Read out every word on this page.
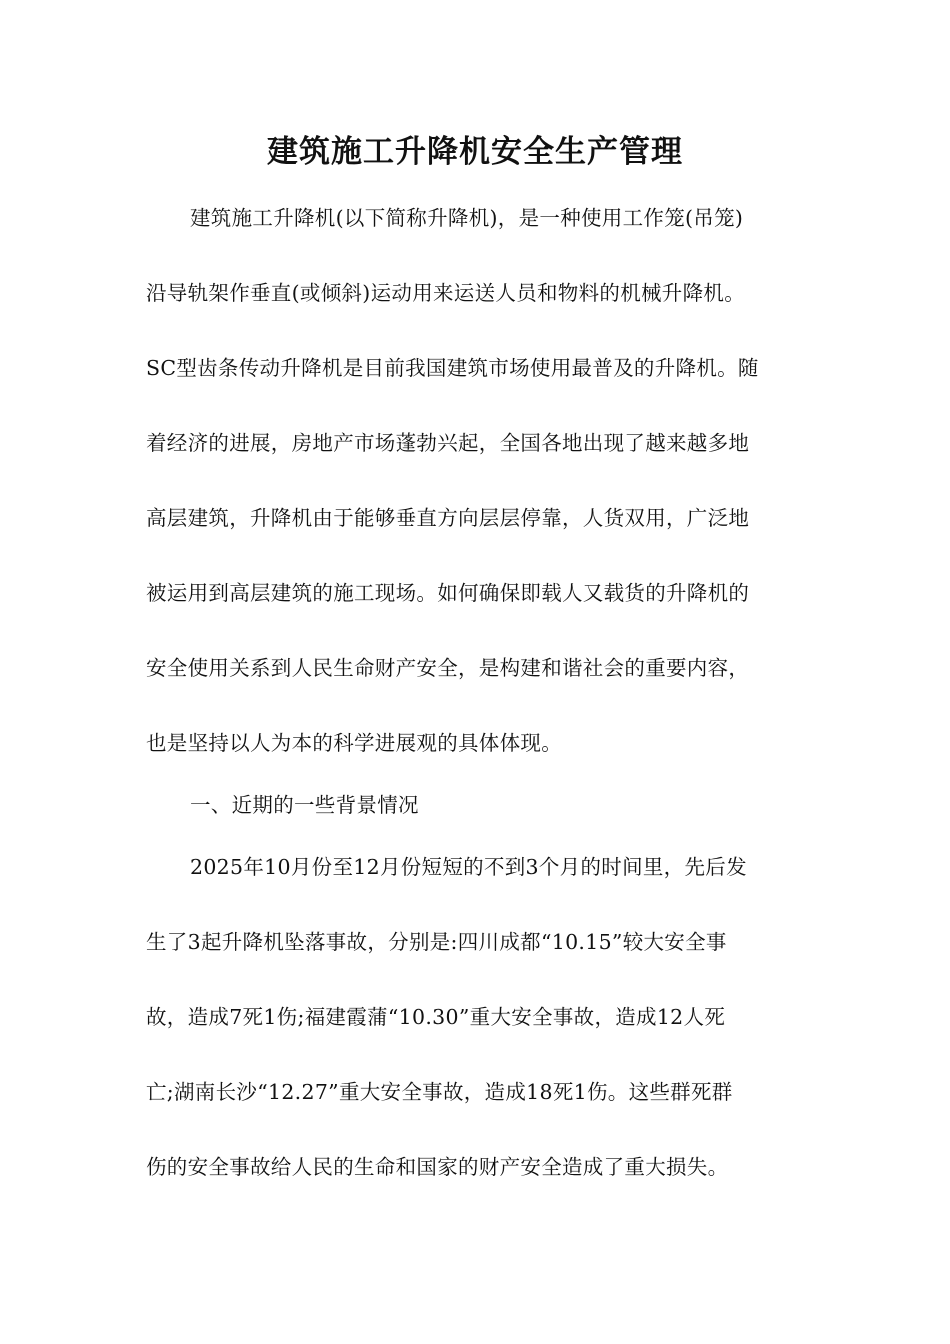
建筑施工升降机安全生产管理
建筑施工升降机(以下简称升降机)，是一种使用工作笼(吊笼)
沿导轨架作垂直(或倾斜)运动用来运送人员和物料的机械升降机。
SC型齿条传动升降机是目前我国建筑市场使用最普及的升降机。随
着经济的进展，房地产市场蓬勃兴起，全国各地出现了越来越多地
高层建筑，升降机由于能够垂直方向层层停靠，人货双用，广泛地
被运用到高层建筑的施工现场。如何确保即载人又载货的升降机的
安全使用关系到人民生命财产安全，是构建和谐社会的重要内容，
也是坚持以人为本的科学进展观的具体体现。
一、近期的一些背景情况
2025年10月份至12月份短短的不到3个月的时间里，先后发
生了3起升降机坠落事故，分别是:四川成都“10.15”较大安全事
故，造成7死1伤;福建霞蒲“10.30”重大安全事故，造成12人死
亡;湖南长沙“12.27”重大安全事故，造成18死1伤。这些群死群
伤的安全事故给人民的生命和国家的财产安全造成了重大损失。
